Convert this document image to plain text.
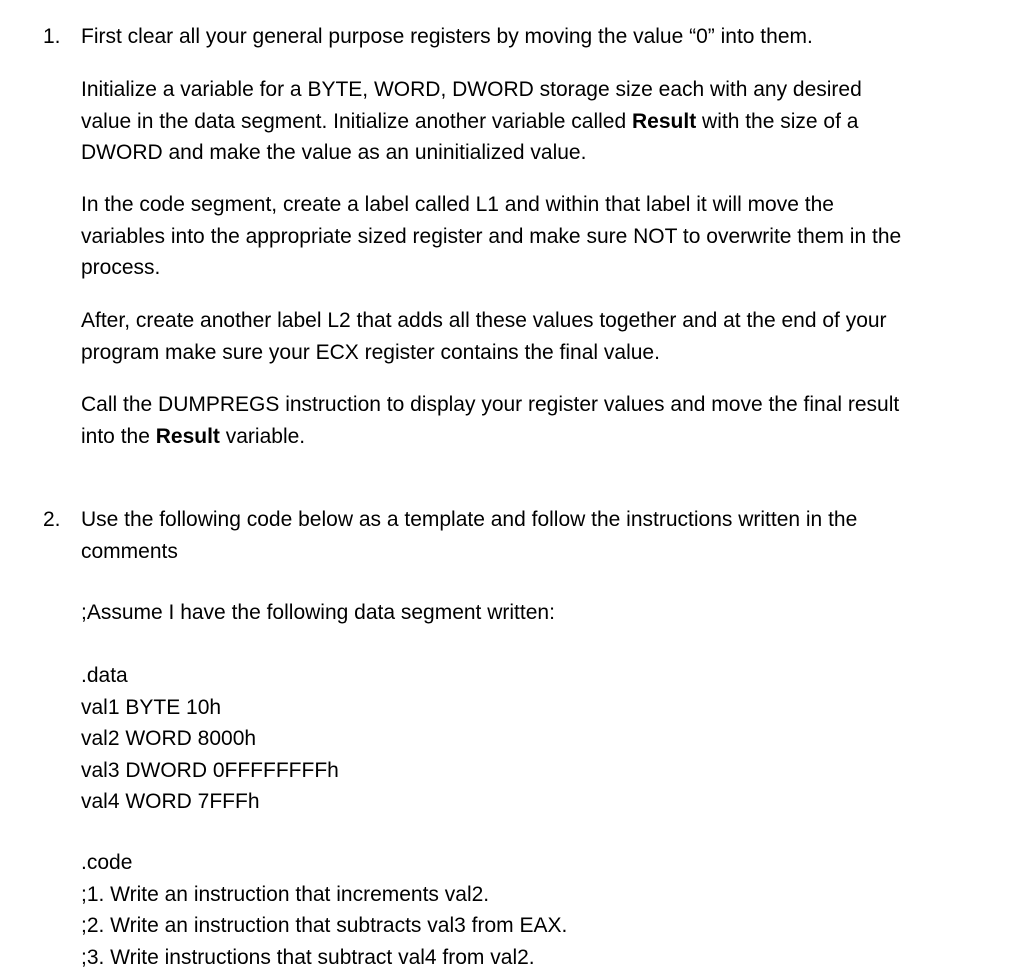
1. First clear all your general purpose registers by moving the value “0” into them.

Initialize a variable for a BYTE, WORD, DWORD storage size each with any desired
value in the data segment. Initialize another variable called Result with the size of a
DWORD and make the value as an uninitialized value.

In the code segment, create a label called L1 and within that label it will move the
variables into the appropriate sized register and make sure NOT to overwrite them in the
process.

After, create another label L2 that adds all these values together and at the end of your
program make sure your ECX register contains the final value.

Call the DUMPREGS instruction to display your register values and move the final result
into the Result variable.

2. Use the following code below as a template and follow the instructions written in the
comments

;Assume I have the following data segment written:

.data
val1 BYTE 10h
val2 WORD 8000h
val3 DWORD 0FFFFFFFFh
val4 WORD 7FFFh

.code
;1. Write an instruction that increments val2.
;2. Write an instruction that subtracts val3 from EAX.
;3. Write instructions that subtract val4 from val2.
